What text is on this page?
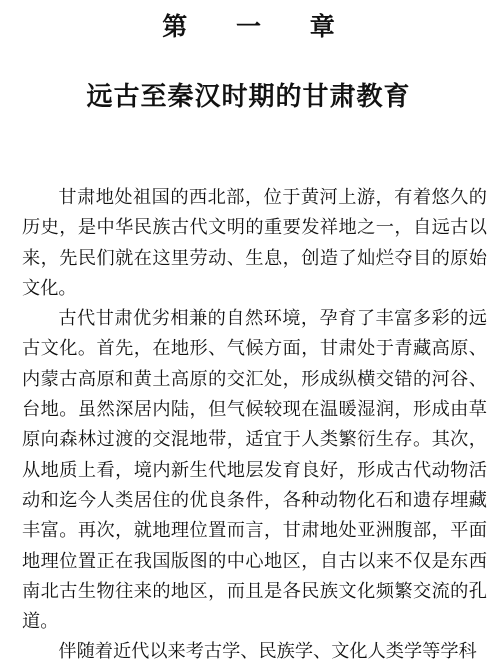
第 一 章
远古至秦汉时期的甘肃教育

甘肃地处祖国的西北部，位于黄河上游，有着悠久的历史，是中华民族古代文明的重要发祥地之一，自远古以来，先民们就在这里劳动、生息，创造了灿烂夺目的原始文化。

古代甘肃优劣相兼的自然环境，孕育了丰富多彩的远古文化。首先，在地形、气候方面，甘肃处于青藏高原、内蒙古高原和黄土高原的交汇处，形成纵横交错的河谷、台地。虽然深居内陆，但气候较现在温暖湿润，形成由草原向森林过渡的交混地带，适宜于人类繁衍生存。其次，从地质上看，境内新生代地层发育良好，形成古代动物活动和迄今人类居住的优良条件，各种动物化石和遗存埋藏丰富。再次，就地理位置而言，甘肃地处亚洲腹部，平面地理位置正在我国版图的中心地区，自古以来不仅是东西南北古生物往来的地区，而且是各民族文化频繁交流的孔道。

伴随着近代以来考古学、民族学、文化人类学等学科
